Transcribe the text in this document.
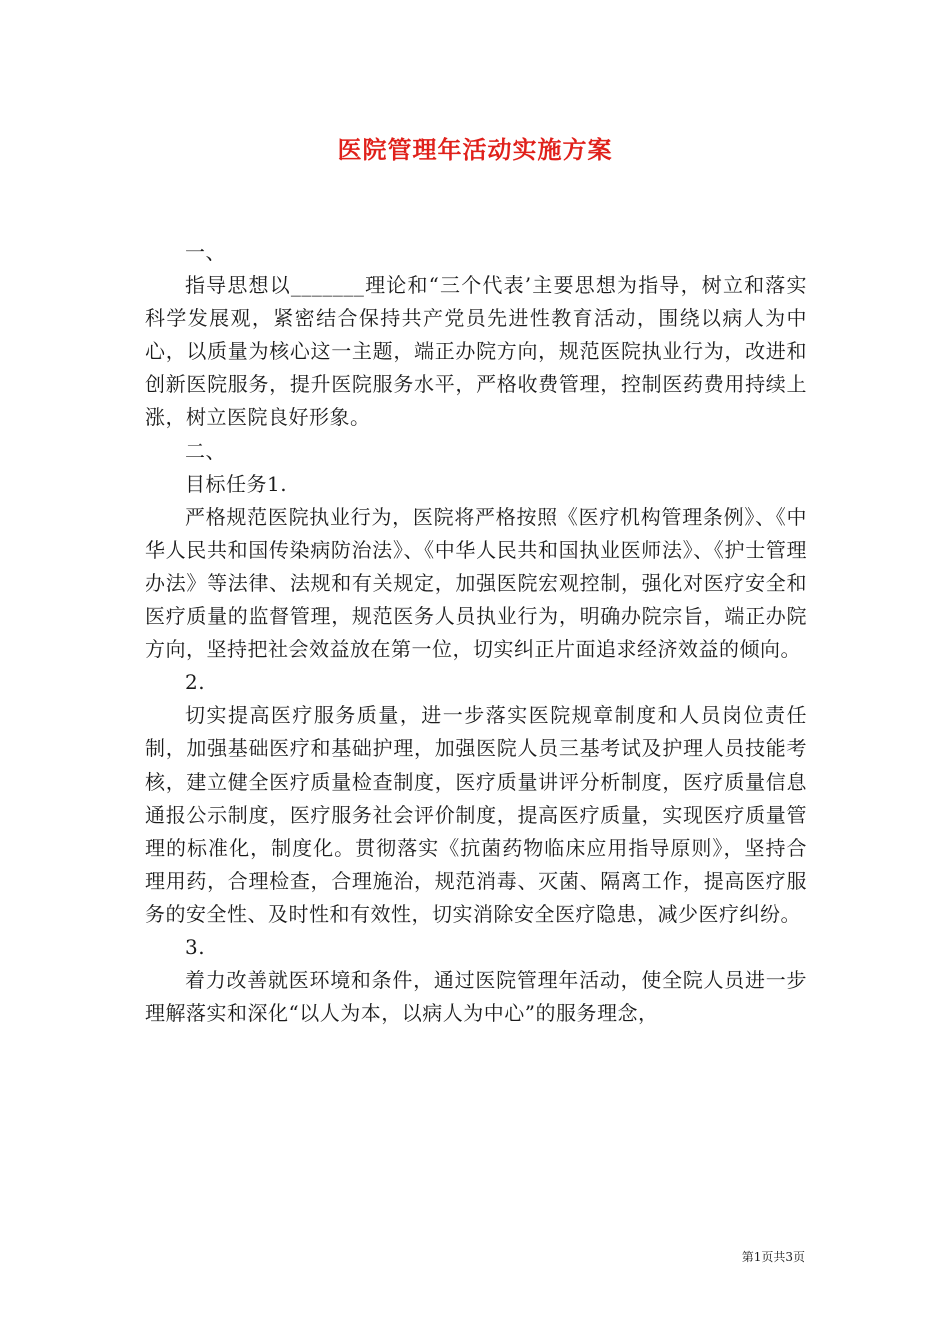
医院管理年活动实施方案

一、

指导思想以_______理论和“三个代表’主要思想为指导，树立和落实科学发展观，紧密结合保持共产党员先进性教育活动，围绕以病人为中心，以质量为核心这一主题，端正办院方向，规范医院执业行为，改进和创新医院服务，提升医院服务水平，严格收费管理，控制医药费用持续上涨，树立医院良好形象。

二、

目标任务1.

严格规范医院执业行为，医院将严格按照《医疗机构管理条例》、《中华人民共和国传染病防治法》、《中华人民共和国执业医师法》、《护士管理办法》等法律、法规和有关规定，加强医院宏观控制，强化对医疗安全和医疗质量的监督管理，规范医务人员执业行为，明确办院宗旨，端正办院方向，坚持把社会效益放在第一位，切实纠正片面追求经济效益的倾向。

2.

切实提高医疗服务质量，进一步落实医院规章制度和人员岗位责任制，加强基础医疗和基础护理，加强医院人员三基考试及护理人员技能考核，建立健全医疗质量检查制度，医疗质量讲评分析制度，医疗质量信息通报公示制度，医疗服务社会评价制度，提高医疗质量，实现医疗质量管理的标准化，制度化。贯彻落实《抗菌药物临床应用指导原则》，坚持合理用药，合理检查，合理施治，规范消毒、灭菌、隔离工作，提高医疗服务的安全性、及时性和有效性，切实消除安全医疗隐患，减少医疗纠纷。

3.

着力改善就医环境和条件，通过医院管理年活动，使全院人员进一步理解落实和深化“以人为本，以病人为中心”的服务理念，

第1页共3页
